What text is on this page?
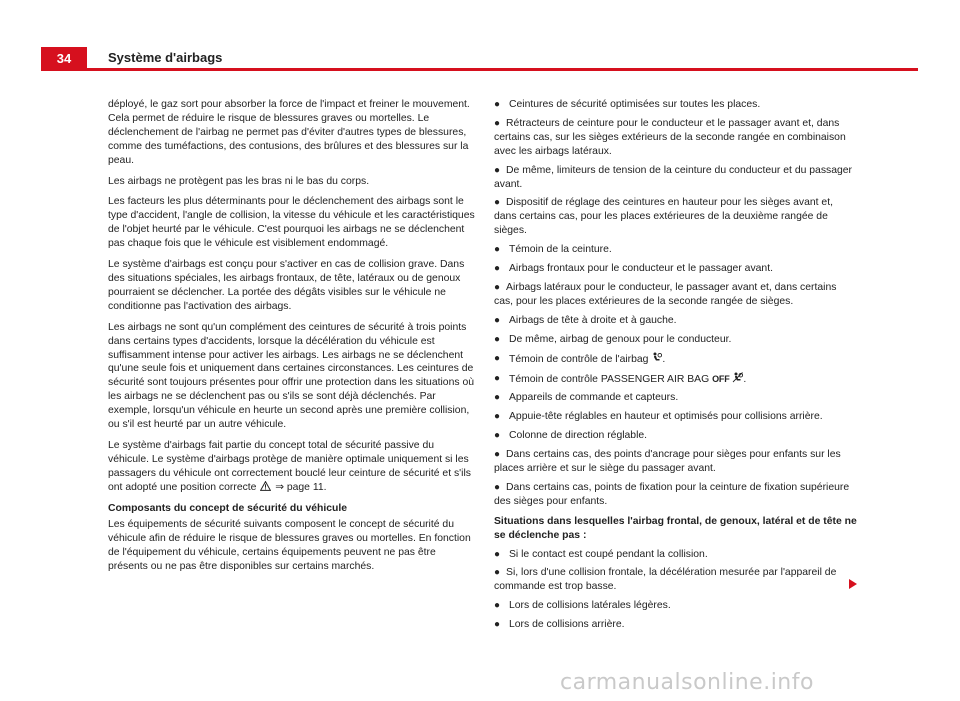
34	Système d'airbags

déployé, le gaz sort pour absorber la force de l'impact et freiner le mouvement. Cela permet de réduire le risque de blessures graves ou mortelles. Le déclenchement de l'airbag ne permet pas d'éviter d'autres types de blessures, comme des tuméfactions, des contusions, des brûlures et des blessures sur la peau.

Les airbags ne protègent pas les bras ni le bas du corps.

Les facteurs les plus déterminants pour le déclenchement des airbags sont le type d'accident, l'angle de collision, la vitesse du véhicule et les caractéristiques de l'objet heurté par le véhicule. C'est pourquoi les airbags ne se déclenchent pas chaque fois que le véhicule est visiblement endommagé.

Le système d'airbags est conçu pour s'activer en cas de collision grave. Dans des situations spéciales, les airbags frontaux, de tête, latéraux ou de genoux pourraient se déclencher. La portée des dégâts visibles sur le véhicule ne conditionne pas l'activation des airbags.

Les airbags ne sont qu'un complément des ceintures de sécurité à trois points dans certains types d'accidents, lorsque la décélération du véhicule est suffisamment intense pour activer les airbags. Les airbags ne se déclenchent qu'une seule fois et uniquement dans certaines circonstances. Les ceintures de sécurité sont toujours présentes pour offrir une protection dans les situations où les airbags ne se déclenchent pas ou s'ils se sont déjà déclenchés. Par exemple, lorsqu'un véhicule en heurte un second après une première collision, ou s'il est heurté par un autre véhicule.

Le système d'airbags fait partie du concept total de sécurité passive du véhicule. Le système d'airbags protège de manière optimale uniquement si les passagers du véhicule ont correctement bouclé leur ceinture de sécurité et s'ils ont adopté une position correcte ⇒ page 11.

Composants du concept de sécurité du véhicule

Les équipements de sécurité suivants composent le concept de sécurité du véhicule afin de réduire le risque de blessures graves ou mortelles. En fonction de l'équipement du véhicule, certains équipements peuvent ne pas être présents ou ne pas être disponibles sur certains marchés.

● Ceintures de sécurité optimisées sur toutes les places.
● Rétracteurs de ceinture pour le conducteur et le passager avant et, dans certains cas, sur les sièges extérieurs de la seconde rangée en combinaison avec les airbags latéraux.
● De même, limiteurs de tension de la ceinture du conducteur et du passager avant.
● Dispositif de réglage des ceintures en hauteur pour les sièges avant et, dans certains cas, pour les places extérieures de la deuxième rangée de sièges.
● Témoin de la ceinture.
● Airbags frontaux pour le conducteur et le passager avant.
● Airbags latéraux pour le conducteur, le passager avant et, dans certains cas, pour les places extérieures de la seconde rangée de sièges.
● Airbags de tête à droite et à gauche.
● De même, airbag de genoux pour le conducteur.
● Témoin de contrôle de l'airbag .
● Témoin de contrôle PASSENGER AIR BAG OFF .
● Appareils de commande et capteurs.
● Appuie-tête réglables en hauteur et optimisés pour collisions arrière.
● Colonne de direction réglable.
● Dans certains cas, des points d'ancrage pour sièges pour enfants sur les places arrière et sur le siège du passager avant.
● Dans certains cas, points de fixation pour la ceinture de fixation supérieure des sièges pour enfants.

Situations dans lesquelles l'airbag frontal, de genoux, latéral et de tête ne se déclenche pas :

● Si le contact est coupé pendant la collision.
● Si, lors d'une collision frontale, la décélération mesurée par l'appareil de commande est trop basse.
● Lors de collisions latérales légères.
● Lors de collisions arrière.
carmanualsonline.info
